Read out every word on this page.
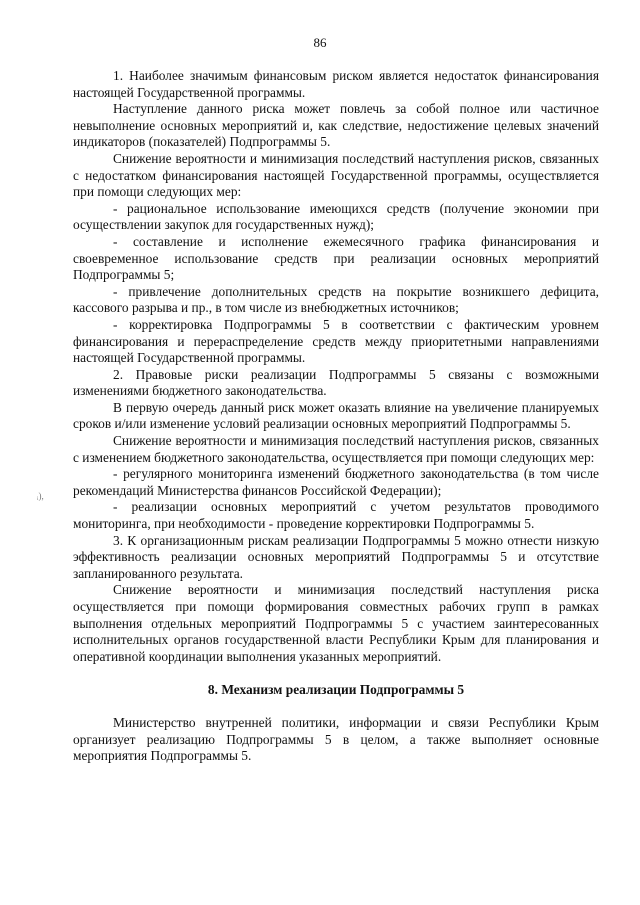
86
ᵢ),

1. Наиболее значимым финансовым риском является недостаток финансирования настоящей Государственной программы.

Наступление данного риска может повлечь за собой полное или частичное невыполнение основных мероприятий и, как следствие, недостижение целевых значений индикаторов (показателей) Подпрограммы 5.

Снижение вероятности и минимизация последствий наступления рисков, связанных с недостатком финансирования настоящей Государственной программы, осуществляется при помощи следующих мер:

- рациональное использование имеющихся средств (получение экономии при осуществлении закупок для государственных нужд);

- составление и исполнение ежемесячного графика финансирования и своевременное использование средств при реализации основных мероприятий Подпрограммы 5;

- привлечение дополнительных средств на покрытие возникшего дефицита, кассового разрыва и пр., в том числе из внебюджетных источников;

- корректировка Подпрограммы 5 в соответствии с фактическим уровнем финансирования и перераспределение средств между приоритетными направлениями настоящей Государственной программы.

2. Правовые риски реализации Подпрограммы 5 связаны с возможными изменениями бюджетного законодательства.

В первую очередь данный риск может оказать влияние на увеличение планируемых сроков и/или изменение условий реализации основных мероприятий Подпрограммы 5.

Снижение вероятности и минимизация последствий наступления рисков, связанных с изменением бюджетного законодательства, осуществляется при помощи следующих мер:

- регулярного мониторинга изменений бюджетного законодательства (в том числе рекомендаций Министерства финансов Российской Федерации);

- реализации основных мероприятий с учетом результатов проводимого мониторинга, при необходимости - проведение корректировки Подпрограммы 5.

3. К организационным рискам реализации Подпрограммы 5 можно отнести низкую эффективность реализации основных мероприятий Подпрограммы 5 и отсутствие запланированного результата.

Снижение вероятности и минимизация последствий наступления риска осуществляется при помощи формирования совместных рабочих групп в рамках выполнения отдельных мероприятий Подпрограммы 5 с участием заинтересованных исполнительных органов государственной власти Республики Крым для планирования и оперативной координации выполнения указанных мероприятий.

8. Механизм реализации Подпрограммы 5

Министерство внутренней политики, информации и связи Республики Крым организует реализацию Подпрограммы 5 в целом, а также выполняет основные мероприятия Подпрограммы 5.
